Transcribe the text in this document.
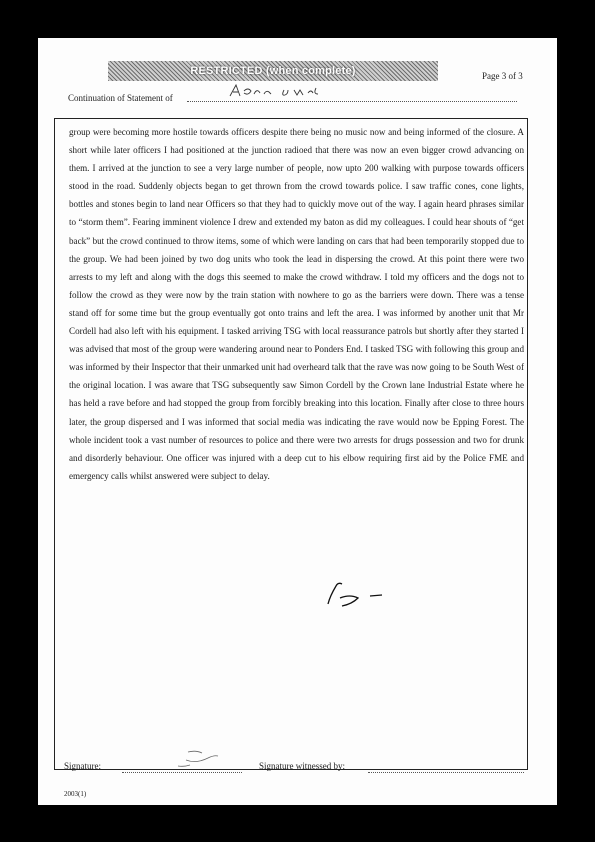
RESTRICTED (when complete)	Page 3 of 3
Continuation of Statement of

group were becoming more hostile towards officers despite there being no music now and being informed of the closure. A short while later officers I had positioned at the junction radioed that there was now an even bigger crowd advancing on them. I arrived at the junction to see a very large number of people, now upto 200 walking with purpose towards officers stood in the road. Suddenly objects began to get thrown from the crowd towards police. I saw traffic cones, cone lights, bottles and stones begin to land near Officers so that they had to quickly move out of the way. I again heard phrases similar to “storm them”. Fearing imminent violence I drew and extended my baton as did my colleagues. I could hear shouts of “get back” but the crowd continued to throw items, some of which were landing on cars that had been temporarily stopped due to the group. We had been joined by two dog units who took the lead in dispersing the crowd. At this point there were two arrests to my left and along with the dogs this seemed to make the crowd withdraw. I told my officers and the dogs not to follow the crowd as they were now by the train station with nowhere to go as the barriers were down. There was a tense stand off for some time but the group eventually got onto trains and left the area. I was informed by another unit that Mr Cordell had also left with his equipment. I tasked arriving TSG with local reassurance patrols but shortly after they started I was advised that most of the group were wandering around near to Ponders End. I tasked TSG with following this group and was informed by their Inspector that their unmarked unit had overheard talk that the rave was now going to be South West of the original location. I was aware that TSG subsequently saw Simon Cordell by the Crown lane Industrial Estate where he has held a rave before and had stopped the group from forcibly breaking into this location. Finally after close to three hours later, the group dispersed and I was informed that social media was indicating the rave would now be Epping Forest. The whole incident took a vast number of resources to police and there were two arrests for drugs possession and two for drunk and disorderly behaviour. One officer was injured with a deep cut to his elbow requiring first aid by the Police FME and emergency calls whilst answered were subject to delay.

Signature:	Signature witnessed by:
2003(1)
